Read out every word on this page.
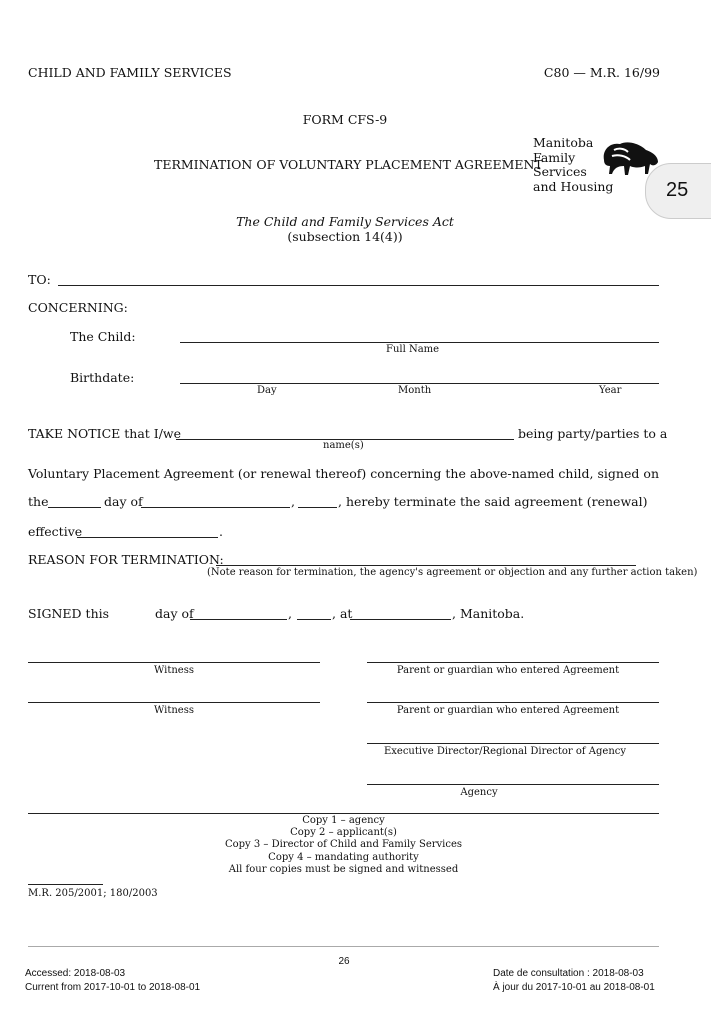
CHILD AND FAMILY SERVICES	C80 — M.R. 16/99
FORM CFS-9
TERMINATION OF VOLUNTARY PLACEMENT AGREEMENT
Manitoba
Family
Services
and Housing	25
The Child and Family Services Act
(subsection 14(4))
TO:
CONCERNING:
The Child:
Full Name
Birthdate:
Day	Month	Year
TAKE NOTICE that I/we	being party/parties to a
name(s)
Voluntary Placement Agreement (or renewal thereof) concerning the above-named child, signed on
the	day of	,	, hereby terminate the said agreement (renewal)
effective	.
REASON FOR TERMINATION:
(Note reason for termination, the agency's agreement or objection and any further action taken)
SIGNED this	day of	,	, at	, Manitoba.
Witness	Parent or guardian who entered Agreement
Witness	Parent or guardian who entered Agreement
Executive Director/Regional Director of Agency
Agency
Copy 1 – agency
Copy 2 – applicant(s)
Copy 3 – Director of Child and Family Services
Copy 4 – mandating authority
All four copies must be signed and witnessed
M.R. 205/2001; 180/2003
26
Accessed: 2018-08-03
Current from 2017-10-01 to 2018-08-01
Date de consultation : 2018-08-03
À jour du 2017-10-01 au 2018-08-01
